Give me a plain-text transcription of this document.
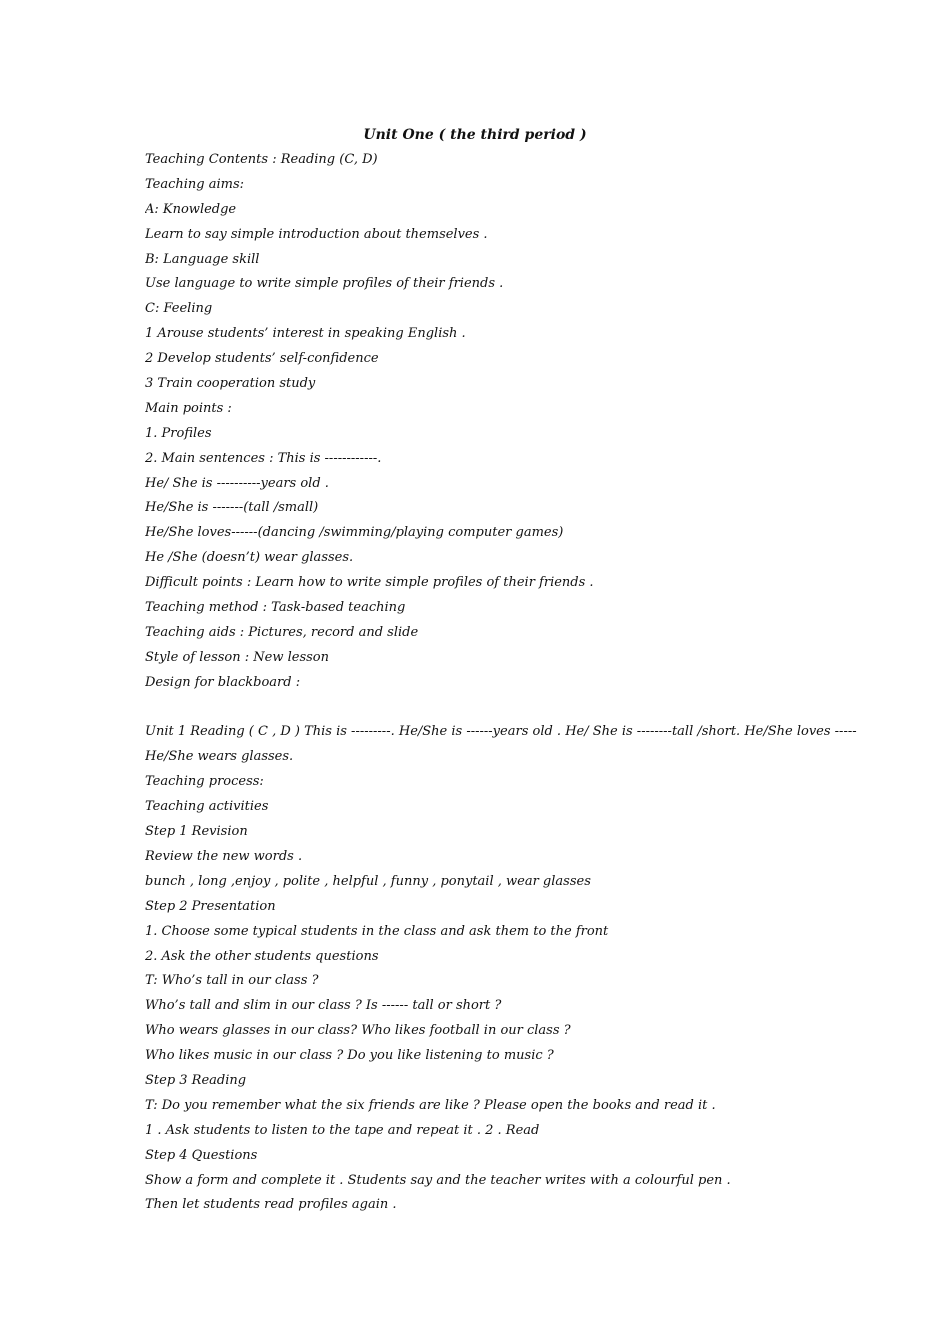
Unit One ( the third period )
Teaching Contents : Reading (C, D)
Teaching aims:
A: Knowledge
Learn to say simple introduction about themselves .
B: Language skill
Use language to write simple profiles of their friends .
C: Feeling
1 Arouse students’ interest in speaking English .
2 Develop students’ self-confidence
3 Train cooperation study
Main points :
1. Profiles
2. Main sentences : This is ------------.
He/ She is ----------years old .
He/She is -------(tall /small)
He/She loves------(dancing /swimming/playing computer games)
He /She (doesn’t) wear glasses.
Difficult points : Learn how to write simple profiles of their friends .
Teaching method : Task-based teaching
Teaching aids : Pictures, record and slide
Style of lesson : New lesson
Design for blackboard :
Unit 1 Reading ( C , D ) This is ---------. He/She is ------years old . He/ She is --------tall /short. He/She loves -----
He/She wears glasses.
Teaching process:
Teaching activities
Step 1 Revision
Review the new words .
bunch , long ,enjoy , polite , helpful , funny , ponytail , wear glasses
Step 2 Presentation
1. Choose some typical students in the class and ask them to the front
2. Ask the other students questions
T: Who’s tall in our class ?
Who’s tall and slim in our class ? Is ------ tall or short ?
Who wears glasses in our class? Who likes football in our class ?
Who likes music in our class ? Do you like listening to music ?
Step 3 Reading
T: Do you remember what the six friends are like ? Please open the books and read it .
1 . Ask students to listen to the tape and repeat it . 2 . Read
Step 4 Questions
Show a form and complete it . Students say and the teacher writes with a colourful pen .
Then let students read profiles again .
